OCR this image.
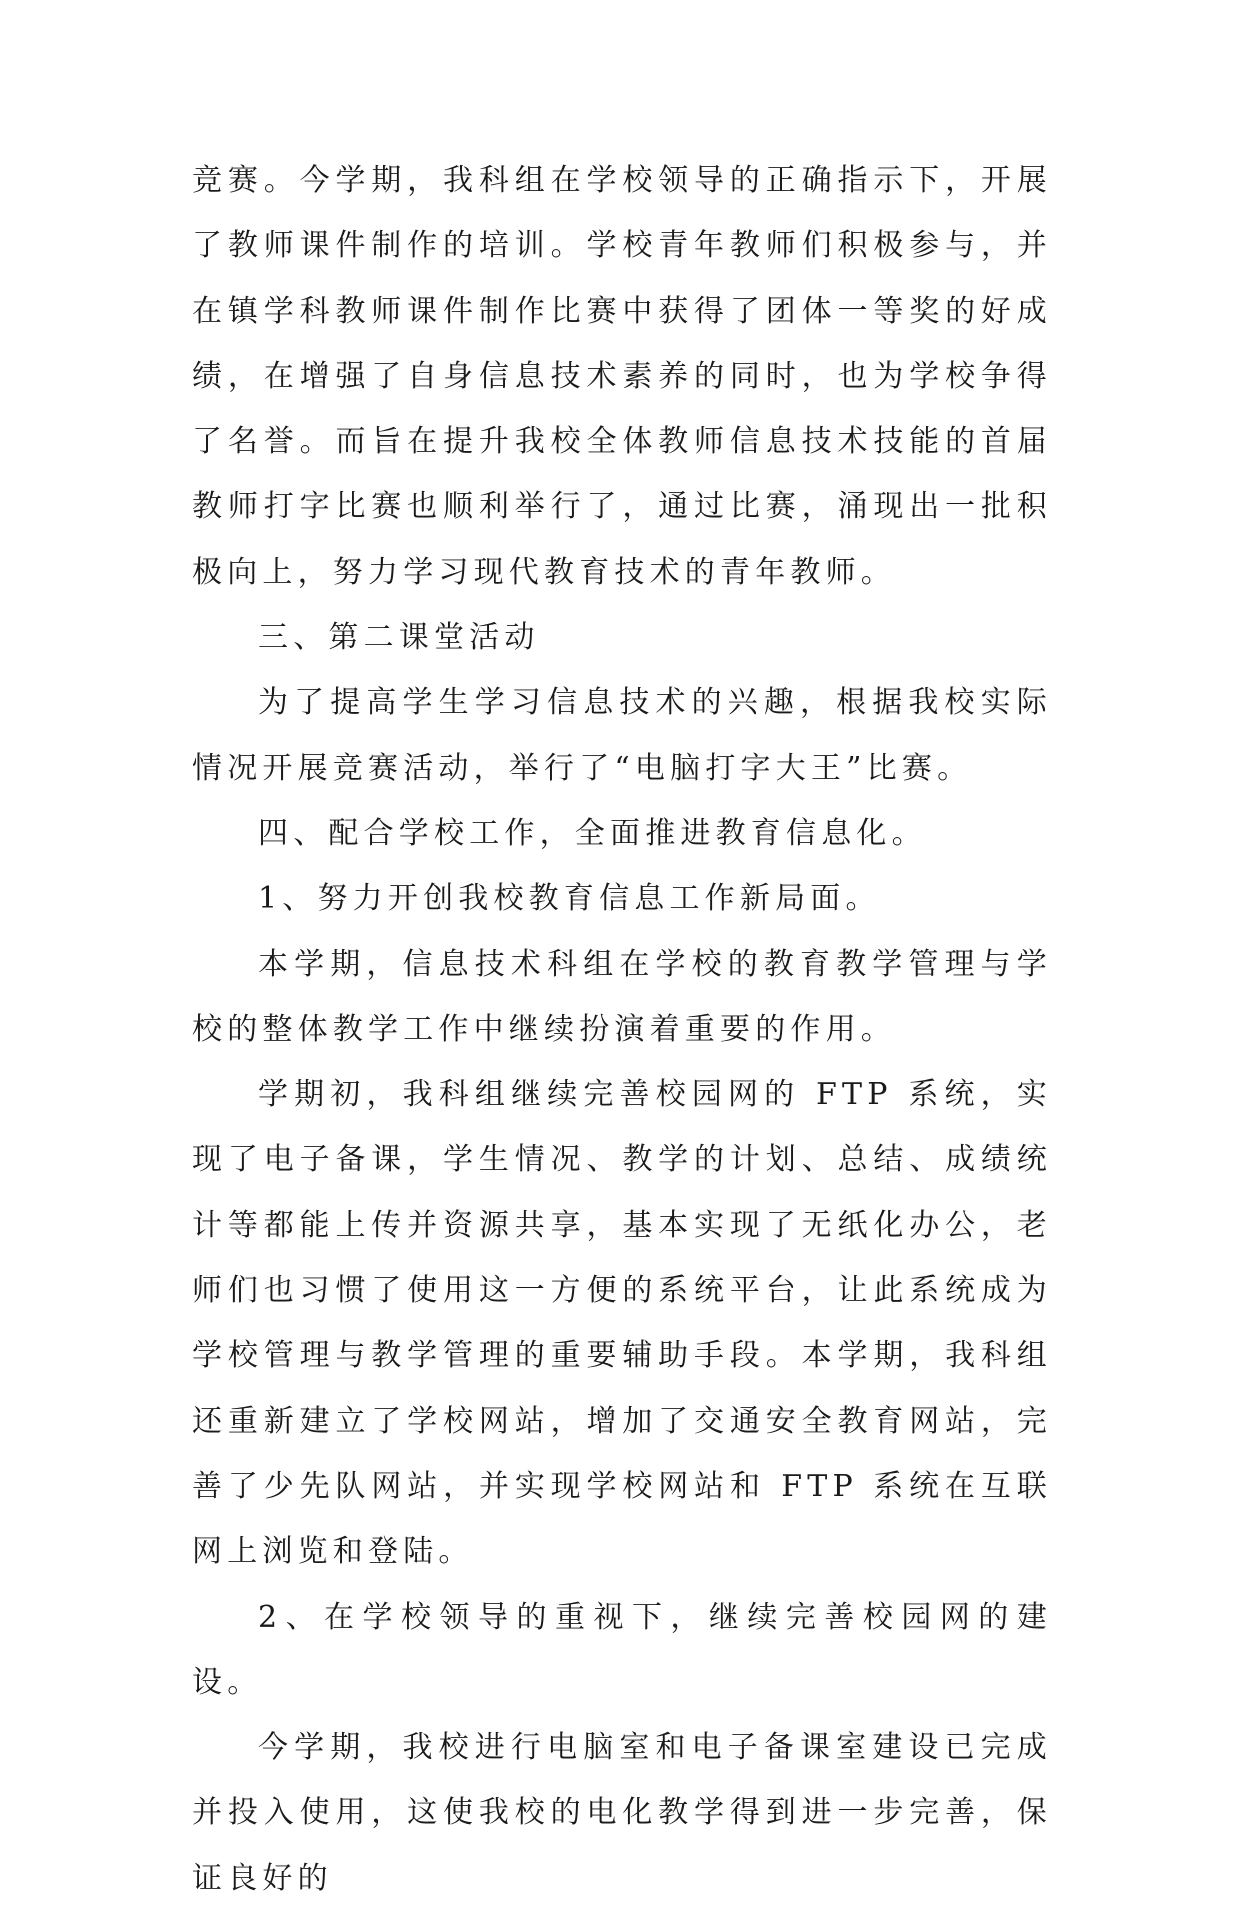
竞赛。今学期，我科组在学校领导的正确指示下，开展了教师课件制作的培训。学校青年教师们积极参与，并在镇学科教师课件制作比赛中获得了团体一等奖的好成绩，在增强了自身信息技术素养的同时，也为学校争得了名誉。而旨在提升我校全体教师信息技术技能的首届教师打字比赛也顺利举行了，通过比赛，涌现出一批积极向上，努力学习现代教育技术的青年教师。

三、第二课堂活动

为了提高学生学习信息技术的兴趣，根据我校实际情况开展竞赛活动，举行了“电脑打字大王”比赛。

四、配合学校工作，全面推进教育信息化。

1、努力开创我校教育信息工作新局面。

本学期，信息技术科组在学校的教育教学管理与学校的整体教学工作中继续扮演着重要的作用。

学期初，我科组继续完善校园网的 FTP 系统，实现了电子备课，学生情况、教学的计划、总结、成绩统计等都能上传并资源共享，基本实现了无纸化办公，老师们也习惯了使用这一方便的系统平台，让此系统成为学校管理与教学管理的重要辅助手段。本学期，我科组还重新建立了学校网站，增加了交通安全教育网站，完善了少先队网站，并实现学校网站和 FTP 系统在互联网上浏览和登陆。

2、在学校领导的重视下，继续完善校园网的建设。

今学期，我校进行电脑室和电子备课室建设已完成并投入使用，这使我校的电化教学得到进一步完善，保证良好的
